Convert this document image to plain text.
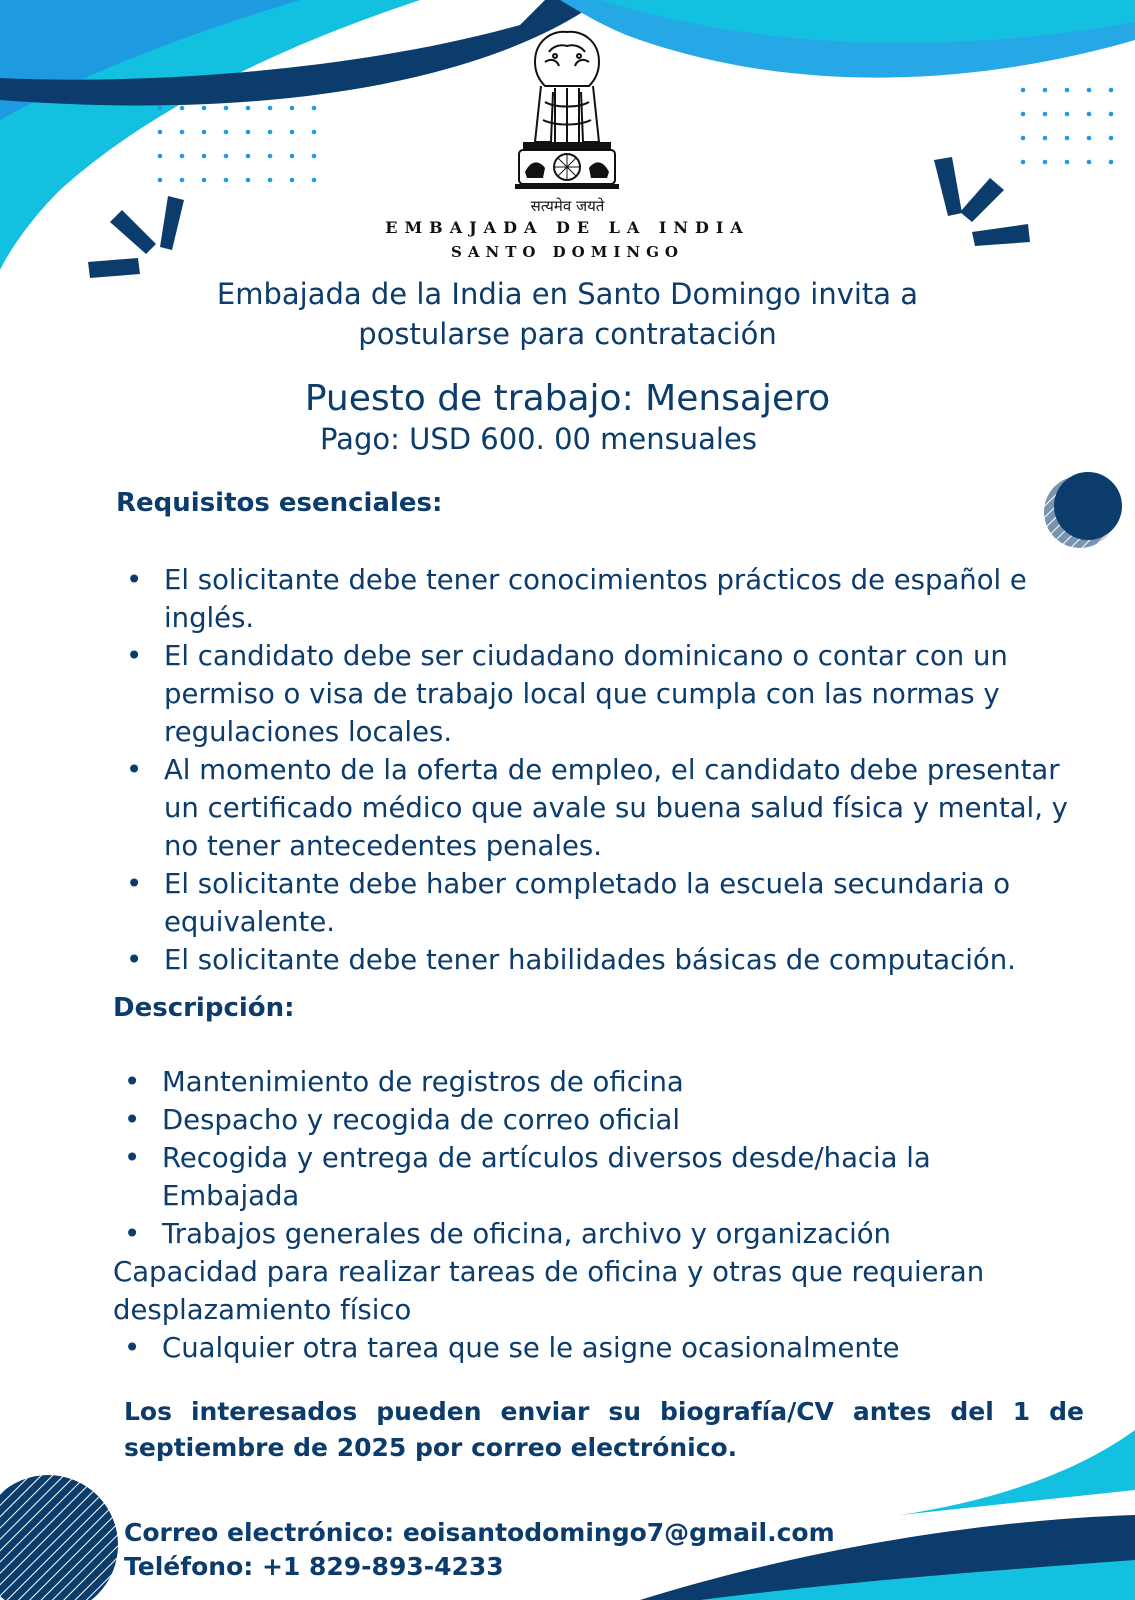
सत्यमेव जयते
EMBAJADA DE LA INDIA
SANTO DOMINGO
Embajada de la India en Santo Domingo invita a postularse para contratación
Puesto de trabajo: Mensajero
Pago: USD 600. 00 mensuales
Requisitos esenciales:
• El solicitante debe tener conocimientos prácticos de español e inglés.
• El candidato debe ser ciudadano dominicano o contar con un permiso o visa de trabajo local que cumpla con las normas y regulaciones locales.
• Al momento de la oferta de empleo, el candidato debe presentar un certificado médico que avale su buena salud física y mental, y no tener antecedentes penales.
• El solicitante debe haber completado la escuela secundaria o equivalente.
• El solicitante debe tener habilidades básicas de computación.
Descripción:
• Mantenimiento de registros de oficina
• Despacho y recogida de correo oficial
• Recogida y entrega de artículos diversos desde/hacia la Embajada
• Trabajos generales de oficina, archivo y organización
Capacidad para realizar tareas de oficina y otras que requieran desplazamiento físico
• Cualquier otra tarea que se le asigne ocasionalmente
Los interesados pueden enviar su biografía/CV antes del 1 de septiembre de 2025 por correo electrónico.
Correo electrónico: eoisantodomingo7@gmail.com
Teléfono: +1 829-893-4233
